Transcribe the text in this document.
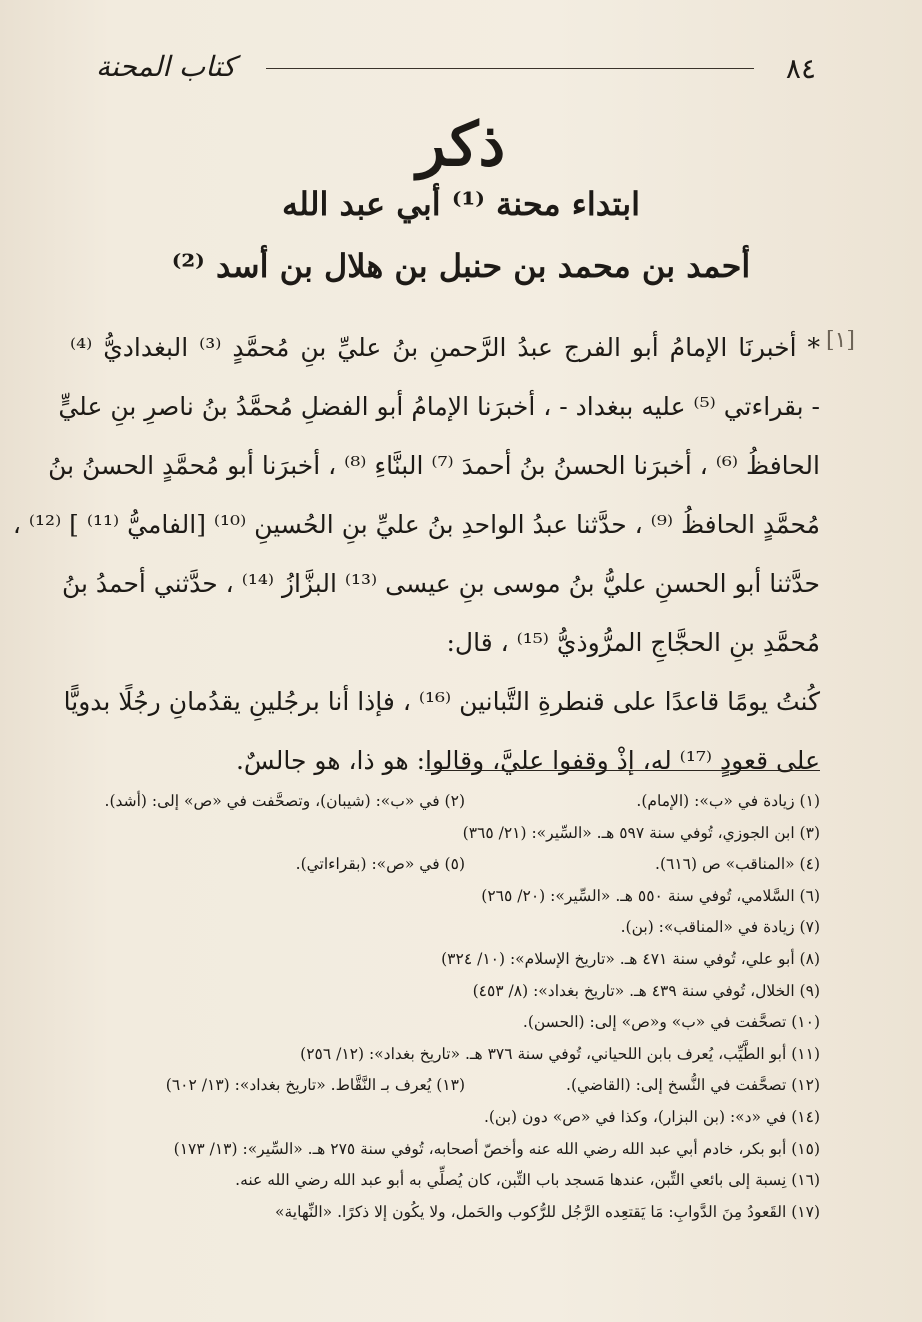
٨٤
كتاب المحنة
ذكر
ابتداء محنة ⁽¹⁾ أبي عبد الله
أحمد بن محمد بن حنبل بن هلال بن أسد ⁽²⁾
[١]
* أخبرنَا الإمامُ أبو الفرج عبدُ الرَّحمنِ بنُ عليِّ بنِ مُحمَّدٍ ⁽³⁾ البغداديُّ ⁽⁴⁾
- بقراءتي ⁽⁵⁾ عليه ببغداد - ، أخبرَنا الإمامُ أبو الفضلِ مُحمَّدُ بنُ ناصرِ بنِ عليٍّ
الحافظُ ⁽⁶⁾ ، أخبرَنا الحسنُ بنُ أحمدَ ⁽⁷⁾ البنَّاءِ ⁽⁸⁾ ، أخبرَنا أبو مُحمَّدٍ الحسنُ بنُ
مُحمَّدٍ الحافظُ ⁽⁹⁾ ، حدَّثنا عبدُ الواحدِ بنُ عليِّ بنِ الحُسينِ ⁽¹⁰⁾ [الفاميُّ ⁽¹¹⁾ ] ⁽¹²⁾ ،
حدَّثنا أبو الحسنِ عليُّ بنُ موسى بنِ عيسى ⁽¹³⁾ البزَّازُ ⁽¹⁴⁾ ، حدَّثني أحمدُ بنُ
مُحمَّدِ بنِ الحجَّاجِ المرُّوذيُّ ⁽¹⁵⁾ ، قال:
كُنتُ يومًا قاعدًا على قنطرةِ التَّبانين ⁽¹⁶⁾ ، فإذا أنا برجُلينِ يقدُمانِ رجُلًا بدويًّا
على قعودٍ ⁽¹⁷⁾ له، إذْ وقفوا عليَّ، وقالوا: هو ذا، هو جالسٌ.
(١) زيادة في «ب»: (الإمام).
(٢) في «ب»: (شيبان)، وتصحَّفت في «ص» إلى: (أشد).
(٣) ابن الجوزي، تُوفي سنة ٥٩٧ هـ. «السِّير»: (٢١/ ٣٦٥)
(٤) «المناقب» ص (٦١٦).
(٥) في «ص»: (بقراءاتي).
(٦) السَّلامي، تُوفي سنة ٥٥٠ هـ. «السِّير»: (٢٠/ ٢٦٥)
(٧) زيادة في «المناقب»: (بن).
(٨) أبو علي، تُوفي سنة ٤٧١ هـ. «تاريخ الإسلام»: (١٠/ ٣٢٤)
(٩) الخلال، تُوفي سنة ٤٣٩ هـ. «تاريخ بغداد»: (٨/ ٤٥٣)
(١٠) تصحَّفت في «ب» و«ص» إلى: (الحسن).
(١١) أبو الطَّيِّب، يُعرف بابن اللحياني، تُوفي سنة ٣٧٦ هـ. «تاريخ بغداد»: (١٢/ ٢٥٦)
(١٢) تصحَّفت في النُّسخ إلى: (القاضي).
(١٣) يُعرف بـ النَّقَّاط. «تاريخ بغداد»: (١٣/ ٦٠٢)
(١٤) في «د»: (بن البزار)، وكذا في «ص» دون (بن).
(١٥) أبو بكر، خادم أبي عبد الله رضي الله عنه وأخصّ أصحابه، تُوفي سنة ٢٧٥ هـ. «السِّير»: (١٣/ ١٧٣)
(١٦) نِسبة إلى بائعي التِّبن، عندها مَسجد باب التِّبن، كان يُصلِّي به أبو عبد الله رضي الله عنه.
(١٧) القَعودُ مِنَ الدَّوابِ: مَا يَقتعِده الرَّجُل للرُّكوب والحَمل، ولا يكُون إلا ذكرًا. «النِّهاية»
